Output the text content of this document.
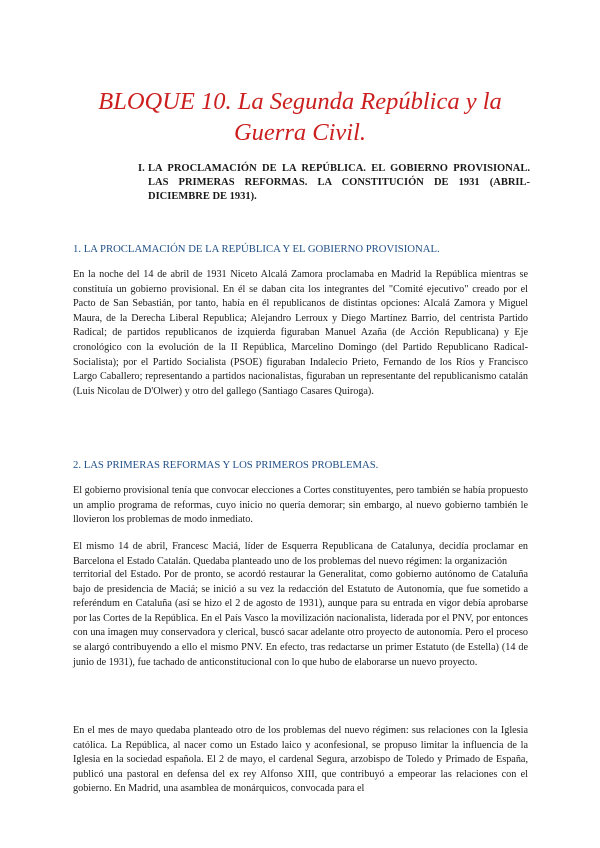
BLOQUE 10. La Segunda República y la
Guerra Civil.
I. LA PROCLAMACIÓN DE LA REPÚBLICA. EL GOBIERNO PROVISIONAL. LAS PRIMERAS REFORMAS. LA CONSTITUCIÓN DE 1931 (ABRIL-DICIEMBRE DE 1931).
1. LA PROCLAMACIÓN DE LA REPÚBLICA Y EL GOBIERNO PROVISIONAL.

En la noche del 14 de abril de 1931 Niceto Alcalá Zamora proclamaba en Madrid la República mientras se constituía un gobierno provisional. En él se daban cita los integrantes del "Comité ejecutivo" creado por el Pacto de San Sebastián, por tanto, había en él republicanos de distintas opciones: Alcalá Zamora y Miguel Maura, de la Derecha Liberal Republica; Alejandro Lerroux y Diego Martínez Barrio, del centrista Partido Radical; de partidos republicanos de izquierda figuraban Manuel Azaña (de Acción Republicana) y Eje cronológico con la evolución de la II República, Marcelino Domingo (del Partido Republicano Radical-Socialista); por el Partido Socialista (PSOE) figuraban Indalecio Prieto, Fernando de los Ríos y Francisco Largo Caballero; representando a partidos nacionalistas, figuraban un representante del republicanismo catalán (Luis Nicolau de D'Olwer) y otro del gallego (Santiago Casares Quiroga).

2. LAS PRIMERAS REFORMAS Y LOS PRIMEROS PROBLEMAS.

El gobierno provisional tenía que convocar elecciones a Cortes constituyentes, pero también se había propuesto un amplio programa de reformas, cuyo inicio no quería demorar; sin embargo, al nuevo gobierno también le llovieron los problemas de modo inmediato.

El mismo 14 de abril, Francesc Maciá, líder de Esquerra Republicana de Catalunya, decidía proclamar en Barcelona el Estado Catalán. Quedaba planteado uno de los problemas del nuevo régimen: la organización

territorial del Estado. Por de pronto, se acordó restaurar la Generalitat, como gobierno autónomo de Cataluña bajo de presidencia de Maciá; se inició a su vez la redacción del Estatuto de Autonomía, que fue sometido a referéndum en Cataluña (así se hizo el 2 de agosto de 1931), aunque para su entrada en vigor debía aprobarse por las Cortes de la República. En el País Vasco la movilización nacionalista, liderada por el PNV, por entonces con una imagen muy conservadora y clerical, buscó sacar adelante otro proyecto de autonomía. Pero el proceso se alargó contribuyendo a ello el mismo PNV. En efecto, tras redactarse un primer Estatuto (de Estella) (14 de junio de 1931), fue tachado de anticonstitucional con lo que hubo de elaborarse un nuevo proyecto.

En el mes de mayo quedaba planteado otro de los problemas del nuevo régimen: sus relaciones con la Iglesia católica. La República, al nacer como un Estado laico y aconfesional, se propuso limitar la influencia de la Iglesia en la sociedad española. El 2 de mayo, el cardenal Segura, arzobispo de Toledo y Primado de España, publicó una pastoral en defensa del ex rey Alfonso XIII, que contribuyó a empeorar las relaciones con el gobierno. En Madrid, una asamblea de monárquicos, convocada para el
